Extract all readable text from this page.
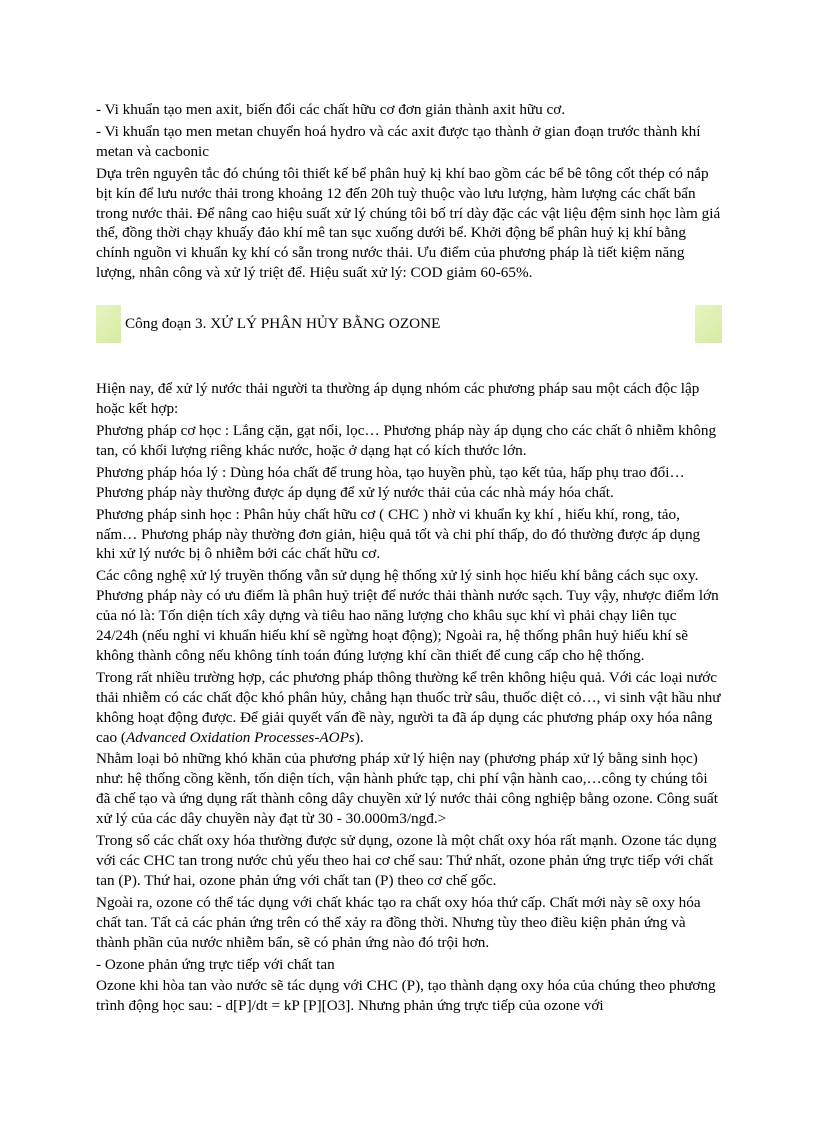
- Vi khuẩn tạo men axit, biến đổi các chất hữu cơ đơn giản thành axit hữu cơ.

- Vi khuẩn tạo men metan chuyển hoá hydro và các axit được tạo thành ở gian đoạn trước thành khí metan và cacbonic

Dựa trên nguyên tắc đó chúng tôi thiết kế bể phân huỷ kị khí bao gồm các bể bê tông cốt thép có nắp bịt kín để lưu nước thải trong khoảng 12 đến 20h tuỳ thuộc vào lưu lượng, hàm lượng các chất bẩn trong nước thải. Để nâng cao hiệu suất xử lý chúng tôi bố trí dày đặc các vật liệu đệm sinh học làm giá thể, đồng thời chạy khuấy đảo khí mê tan sục xuống dưới bể. Khởi động bể phân huỷ kị khí bằng chính nguồn vi khuẩn kỵ khí có sẵn trong nước thải. Ưu điểm của phương pháp là tiết kiệm năng lượng, nhân công và xử lý triệt để. Hiệu suất xử lý: COD giảm 60-65%.

Công đoạn 3. XỬ LÝ PHÂN HỦY BẰNG OZONE

Hiện nay, để xử lý nước thải người ta thường áp dụng nhóm các phương pháp sau một cách độc lập hoặc kết hợp:

Phương pháp cơ học : Lắng cặn, gạt nổi, lọc… Phương pháp này áp dụng cho các chất ô nhiễm không tan, có khối lượng riêng khác nước, hoặc ở dạng hạt có kích thước lớn.

Phương pháp hóa lý : Dùng hóa chất để trung hòa, tạo huyền phù, tạo kết tủa, hấp phụ trao đổi… Phương pháp này thường được áp dụng để xử lý nước thải của các nhà máy hóa chất.

Phương pháp sinh học : Phân hủy chất hữu cơ ( CHC ) nhờ vi khuẩn kỵ khí , hiếu khí, rong, tảo, nấm… Phương pháp này thường đơn giản, hiệu quả tốt và chi phí thấp, do đó thường được áp dụng khi xử lý nước bị ô nhiễm bởi các chất hữu cơ.

Các công nghệ xử lý truyền thống vẫn sử dụng hệ thống xử lý sinh học hiếu khí bằng cách sục oxy. Phương pháp này có ưu điểm là phân huỷ triệt để nước thải thành nước sạch. Tuy vậy, nhược điểm lớn của nó là: Tốn diện tích xây dựng và tiêu hao năng lượng cho khâu sục khí vì phải chạy liên tục 24/24h (nếu nghỉ vi khuẩn hiếu khí sẽ ngừng hoạt động); Ngoài ra, hệ thống phân huỷ hiếu khí sẽ không thành công nếu không tính toán đúng lượng khí cần thiết để cung cấp cho hệ thống.

Trong rất nhiều trường hợp, các phương pháp thông thường kể trên không hiệu quả. Với các loại nước thải nhiễm có các chất độc khó phân hủy, chẳng hạn thuốc trừ sâu, thuốc diệt cỏ…, vi sinh vật hầu như không hoạt động được. Để giải quyết vấn đề này, người ta đã áp dụng các phương pháp oxy hóa nâng cao (Advanced Oxidation Processes-AOPs).

Nhằm loại bỏ những khó khăn của phương pháp xử lý hiện nay (phương pháp xử lý bằng sinh học) như: hệ thống cồng kềnh, tốn diện tích, vận hành phức tạp, chi phí vận hành cao,…công ty chúng tôi đã chế tạo và ứng dụng rất thành công dây chuyền xử lý nước thải công nghiệp bằng ozone. Công suất xử lý của các dây chuyền này đạt từ 30 - 30.000m3/ngđ.>

Trong số các chất oxy hóa thường được sử dụng, ozone là một chất oxy hóa rất mạnh. Ozone tác dụng với các CHC tan trong nước chủ yếu theo hai cơ chế sau: Thứ nhất, ozone phản ứng trực tiếp với chất tan (P). Thứ hai, ozone phản ứng với chất tan (P) theo cơ chế gốc.

Ngoài ra, ozone có thể tác dụng với chất khác tạo ra chất oxy hóa thứ cấp. Chất mới này sẽ oxy hóa chất tan. Tất cả các phản ứng trên có thể xảy ra đồng thời. Nhưng tùy theo điều kiện phản ứng và thành phần của nước nhiễm bẩn, sẽ có phản ứng nào đó trội hơn.

- Ozone phản ứng trực tiếp với chất tan

Ozone khi hòa tan vào nước sẽ tác dụng với CHC (P), tạo thành dạng oxy hóa của chúng theo phương trình động học sau: - d[P]/dt = kP [P][O3]. Nhưng phản ứng trực tiếp của ozone với
